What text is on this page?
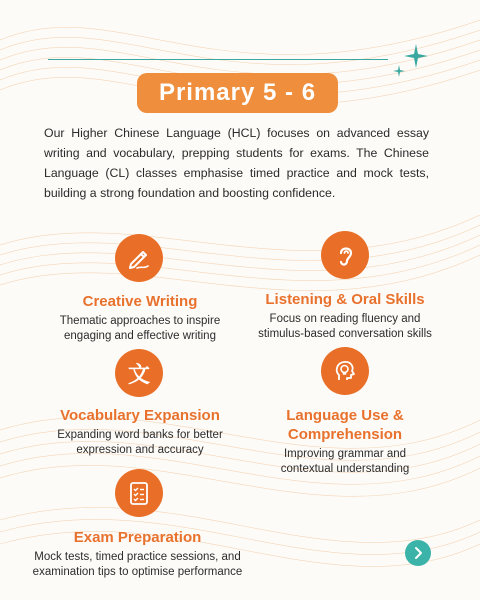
Primary 5 - 6
Our Higher Chinese Language (HCL) focuses on advanced essay writing and vocabulary, prepping students for exams. The Chinese Language (CL) classes emphasise timed practice and mock tests, building a strong foundation and boosting confidence.
Creative Writing
Thematic approaches to inspire
engaging and effective writing
Listening & Oral Skills
Focus on reading fluency and
stimulus-based conversation skills
文
Vocabulary Expansion
Expanding word banks for better
expression and accuracy
Language Use &
Comprehension
Improving grammar and
contextual understanding
Exam Preparation
Mock tests, timed practice sessions, and
examination tips to optimise performance
